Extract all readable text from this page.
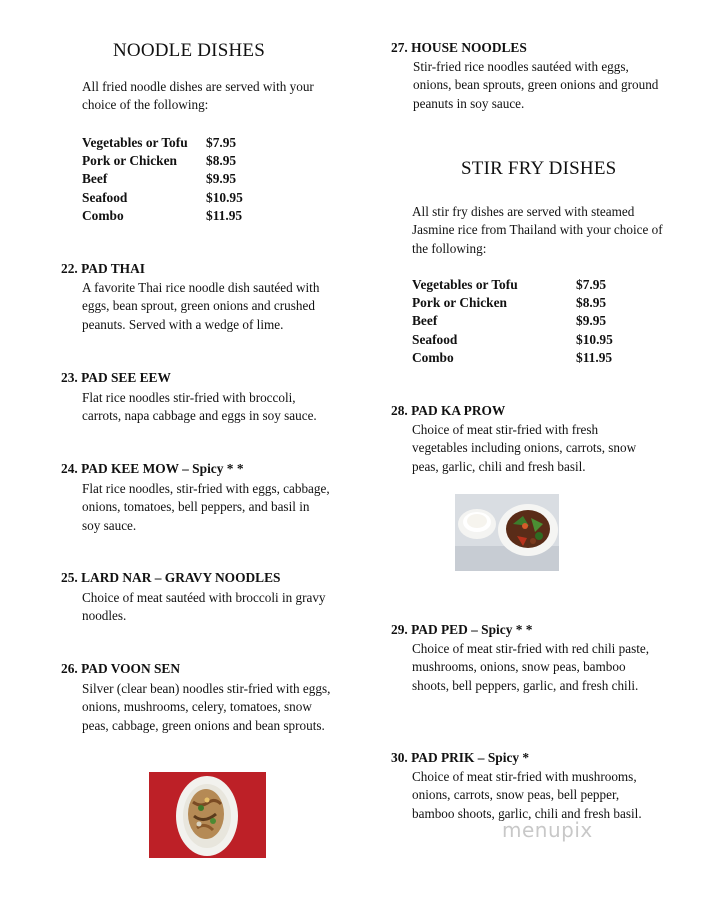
NOODLE DISHES
All fried noodle dishes are served with your choice of the following:
Vegetables or Tofu	$7.95
Pork or Chicken	$8.95
Beef	$9.95
Seafood	$10.95
Combo	$11.95
22. PAD THAI
A favorite Thai rice noodle dish sautéed with eggs, bean sprout, green onions and crushed peanuts. Served with a wedge of lime.
23. PAD SEE EEW
Flat rice noodles stir-fried with broccoli, carrots, napa cabbage and eggs in soy sauce.
24. PAD KEE MOW – Spicy * *
Flat rice noodles, stir-fried with eggs, cabbage, onions, tomatoes, bell peppers, and basil in soy sauce.
25. LARD NAR – GRAVY NOODLES
Choice of meat sautéed with broccoli in gravy noodles.
26. PAD VOON SEN
Silver (clear bean) noodles stir-fried with eggs, onions, mushrooms, celery, tomatoes, snow peas, cabbage, green onions and bean sprouts.
27. HOUSE NOODLES
Stir-fried rice noodles sautéed with eggs, onions, bean sprouts, green onions and ground peanuts in soy sauce.
STIR FRY DISHES
All stir fry dishes are served with steamed Jasmine rice from Thailand with your choice of the following:
Vegetables or Tofu	$7.95
Pork or Chicken	$8.95
Beef	$9.95
Seafood	$10.95
Combo	$11.95
28. PAD KA PROW
Choice of meat stir-fried with fresh vegetables including onions, carrots, snow peas, garlic, chili and fresh basil.
29. PAD PED – Spicy * *
Choice of meat stir-fried with red chili paste, mushrooms, onions, snow peas, bamboo shoots, bell peppers, garlic, and fresh chili.
30. PAD PRIK – Spicy *
Choice of meat stir-fried with mushrooms, onions, carrots, snow peas, bell pepper, bamboo shoots, garlic, chili and fresh basil.
menupix
